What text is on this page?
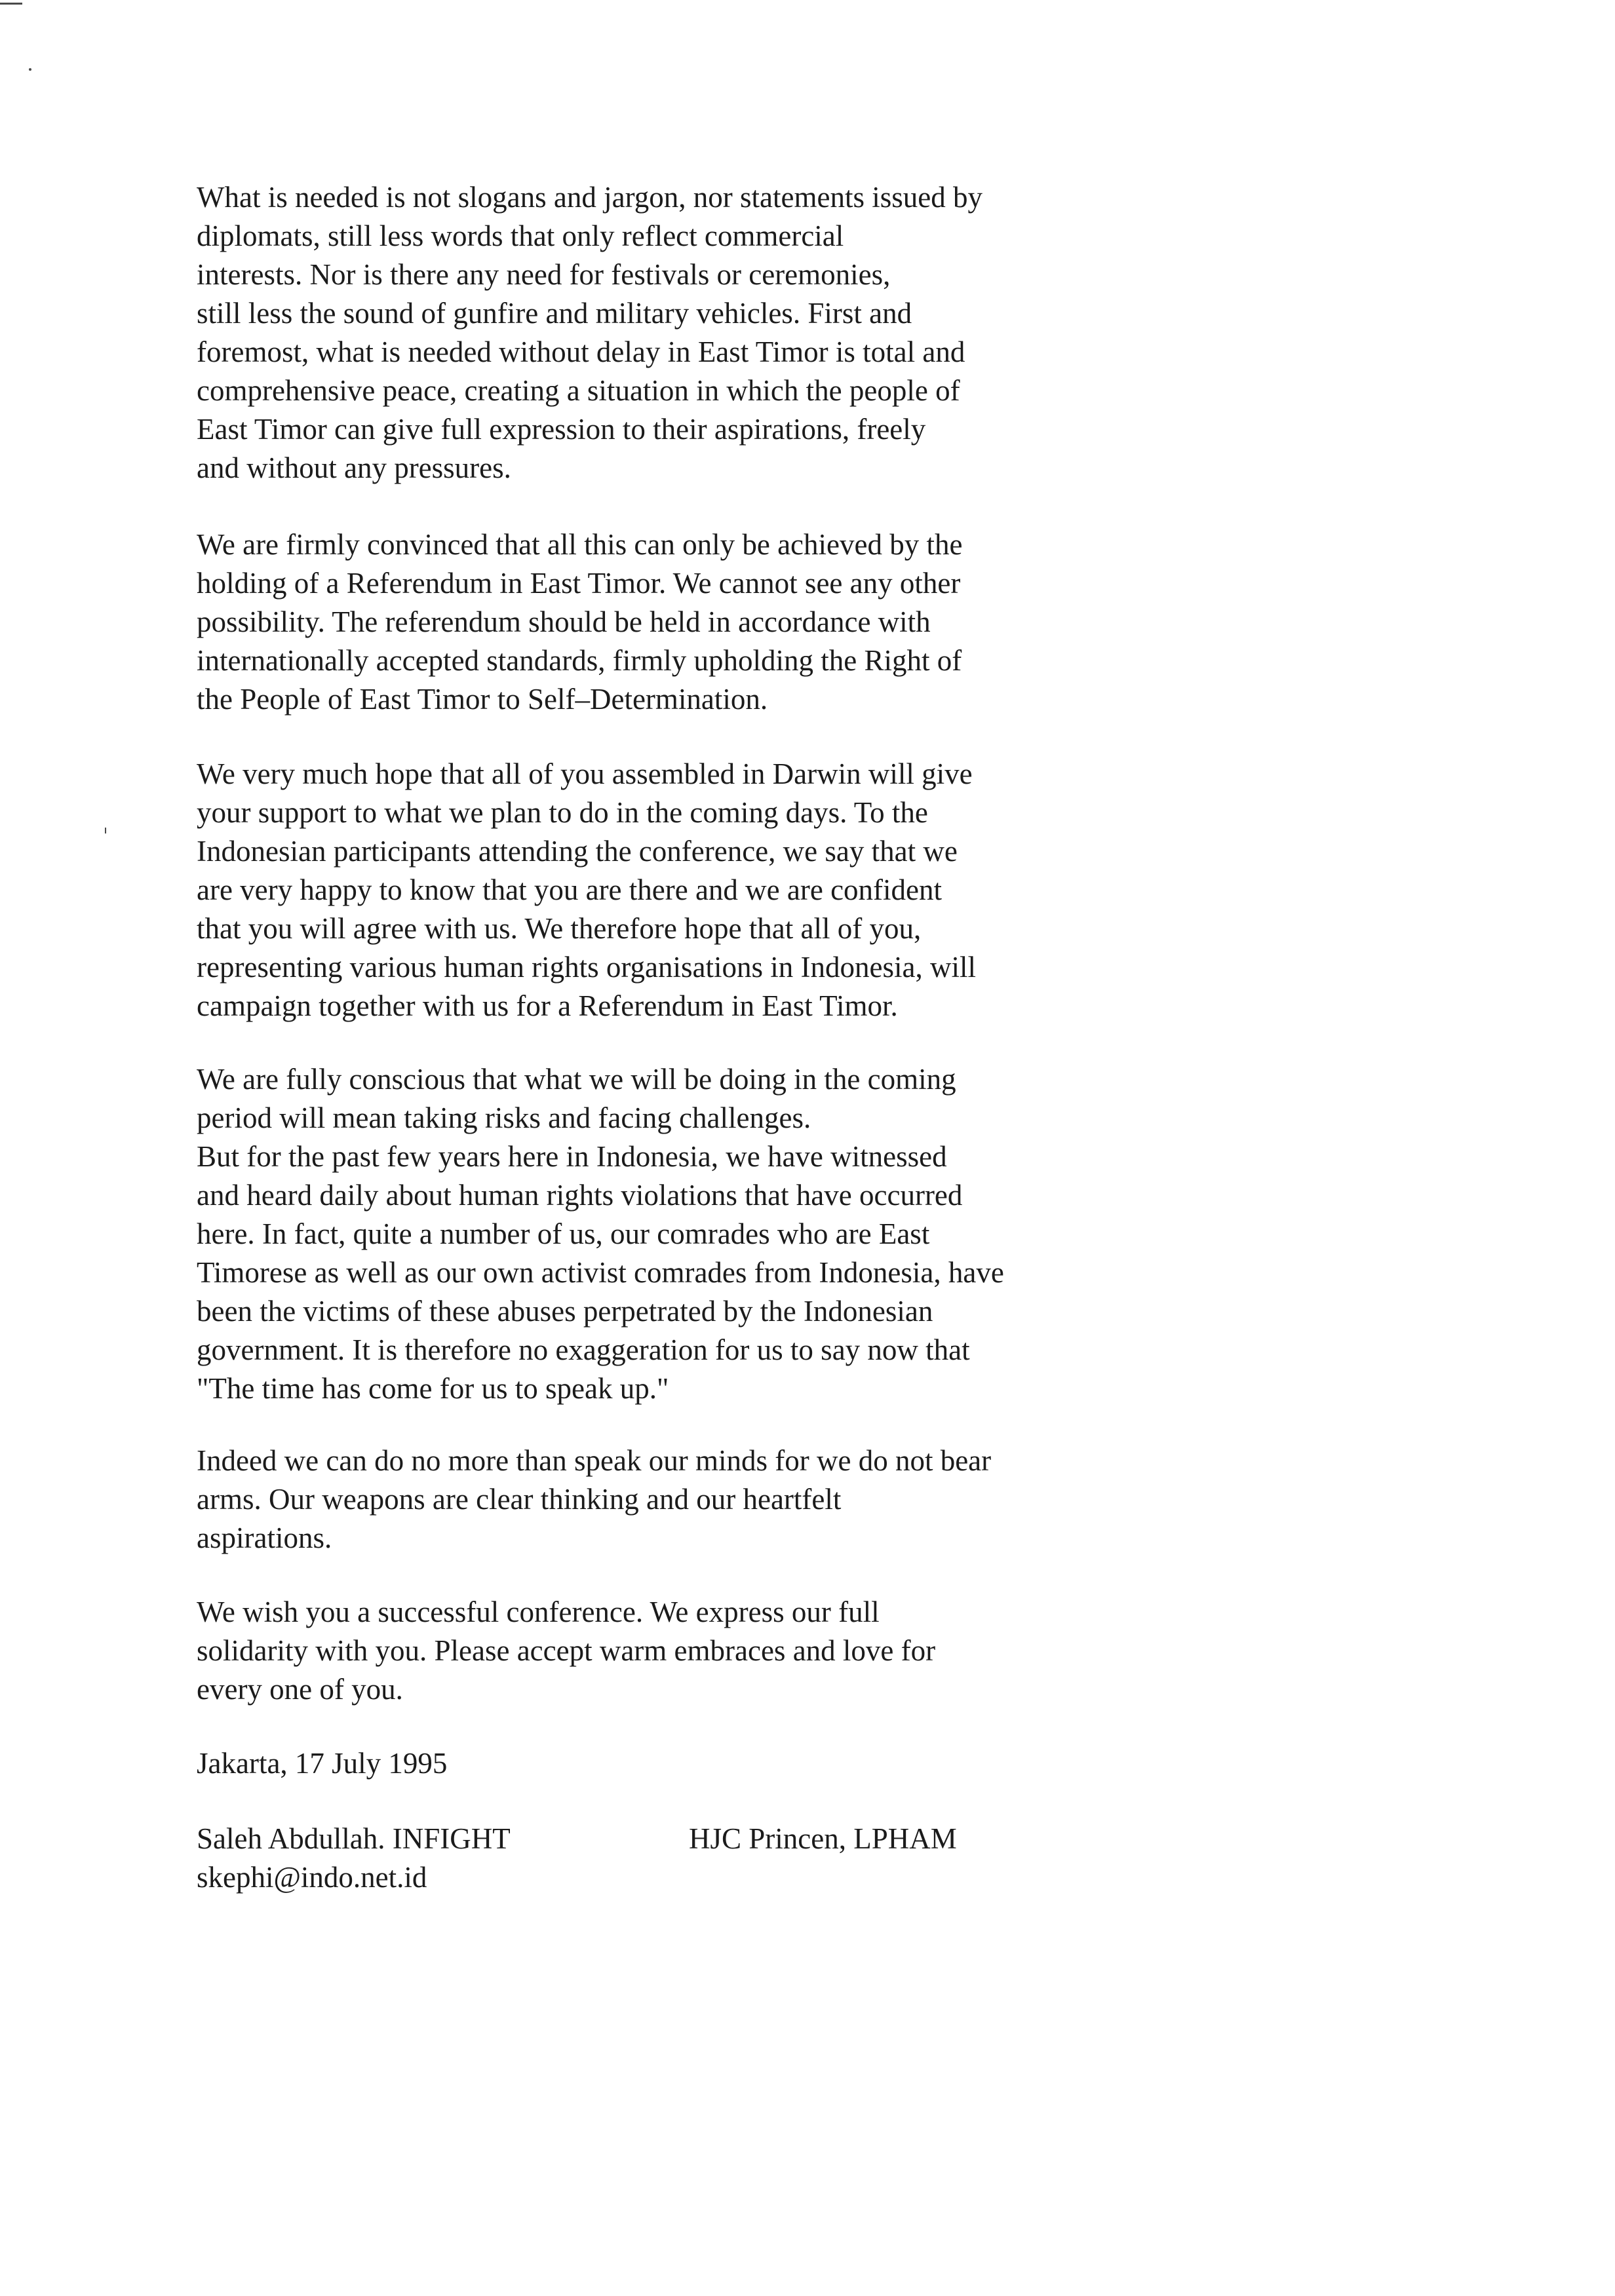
What is needed is not slogans and jargon, nor statements issued by

diplomats, still less words that only reflect commercial

interests. Nor is there any need for festivals or ceremonies,

still less the sound of gunfire and military vehicles. First and

foremost, what is needed without delay in East Timor is total and

comprehensive peace, creating a situation in which the people of

East Timor can give full expression to their aspirations, freely

and without any pressures.

We are firmly convinced that all this can only be achieved by the

holding of a Referendum in East Timor. We cannot see any other

possibility. The referendum should be held in accordance with

internationally accepted standards, firmly upholding the Right of

the People of East Timor to Self–Determination.

We very much hope that all of you assembled in Darwin will give

your support to what we plan to do in the coming days. To the

Indonesian participants attending the conference, we say that we

are very happy to know that you are there and we are confident

that you will agree with us. We therefore hope that all of you,

representing various human rights organisations in Indonesia, will

campaign together with us for a Referendum in East Timor.

We are fully conscious that what we will be doing in the coming

period will mean taking risks and facing challenges.

But for the past few years here in Indonesia, we have witnessed

and heard daily about human rights violations that have occurred

here. In fact, quite a number of us, our comrades who are East

Timorese as well as our own activist comrades from Indonesia, have

been the victims of these abuses perpetrated by the Indonesian

government. It is therefore no exaggeration for us to say now that

"The time has come for us to speak up."

Indeed we can do no more than speak our minds for we do not bear

arms. Our weapons are clear thinking and our heartfelt

aspirations.

We wish you a successful conference. We express our full

solidarity with you. Please accept warm embraces and love for

every one of you.

Jakarta, 17 July 1995

Saleh Abdullah. INFIGHT

skephi@indo.net.id

HJC Princen, LPHAM
